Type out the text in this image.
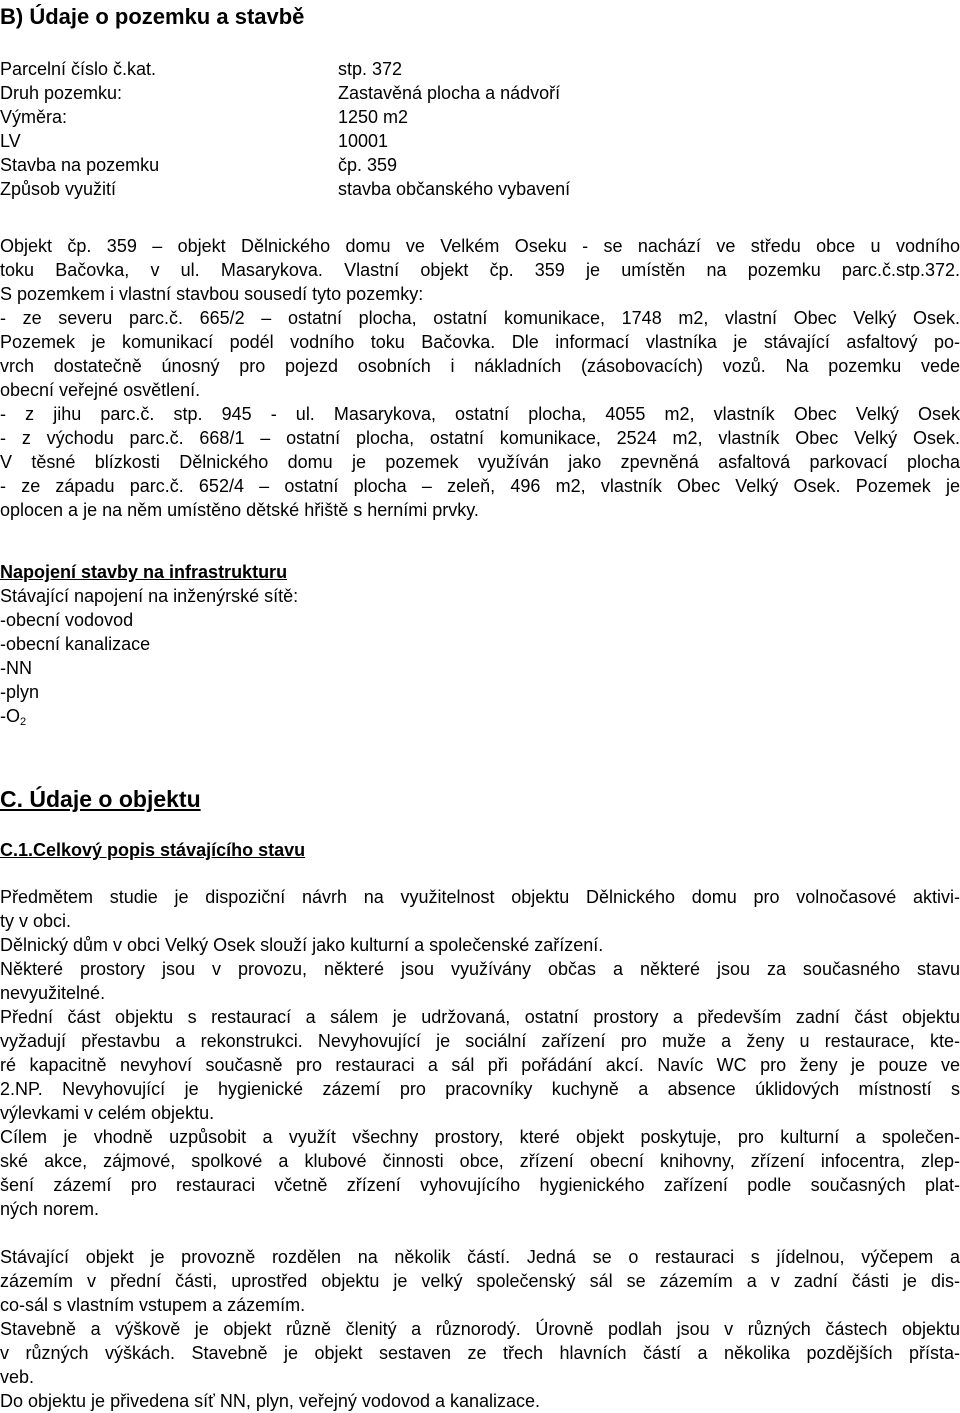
B) Údaje o pozemku a stavbě
Parcelní číslo č.kat.	stp. 372
Druh pozemku:	Zastavěná plocha a nádvoří
Výměra:	1250 m2
LV	10001
Stavba na pozemku	čp. 359
Způsob využití	stavba občanského vybavení
Objekt čp. 359 – objekt Dělnického domu ve Velkém Oseku - se nachází ve středu obce u vodního
toku Bačovka, v ul. Masarykova. Vlastní objekt čp. 359 je umístěn na pozemku parc.č.stp.372.
S pozemkem i vlastní stavbou sousedí tyto pozemky:
- ze severu parc.č. 665/2 – ostatní plocha, ostatní komunikace, 1748 m2, vlastní Obec Velký Osek.
Pozemek je komunikací podél vodního toku Bačovka. Dle informací vlastníka je stávající asfaltový po-
vrch dostatečně únosný pro pojezd osobních i nákladních (zásobovacích) vozů. Na pozemku vede
obecní veřejné osvětlení.
- z jihu parc.č. stp. 945 - ul. Masarykova, ostatní plocha, 4055 m2, vlastník Obec Velký Osek
- z východu parc.č. 668/1 – ostatní plocha, ostatní komunikace, 2524 m2, vlastník Obec Velký Osek.
V těsné blízkosti Dělnického domu je pozemek využíván jako zpevněná asfaltová parkovací plocha
- ze západu parc.č. 652/4 – ostatní plocha – zeleň, 496 m2, vlastník Obec Velký Osek. Pozemek je
oplocen a je na něm umístěno dětské hřiště s herními prvky.
Napojení stavby na infrastrukturu
Stávající napojení na inženýrské sítě:
-obecní vodovod
-obecní kanalizace
-NN
-plyn
$-O_2$
C. Údaje o objektu
C.1.Celkový popis stávajícího stavu
Předmětem studie je dispoziční návrh na využitelnost objektu Dělnického domu pro volnočasové aktivi-
ty v obci.
Dělnický dům v obci Velký Osek slouží jako kulturní a společenské zařízení.
Některé prostory jsou v provozu, některé jsou využívány občas a některé jsou za současného stavu
nevyužitelné.
Přední část objektu s restaurací a sálem je udržovaná, ostatní prostory a především zadní část objektu
vyžadují přestavbu a rekonstrukci. Nevyhovující je sociální zařízení pro muže a ženy u restaurace, kte-
ré kapacitně nevyhoví současně pro restauraci a sál při pořádání akcí. Navíc WC pro ženy je pouze ve
2.NP. Nevyhovující je hygienické zázemí pro pracovníky kuchyně a absence úklidových místností s
výlevkami v celém objektu.
Cílem je vhodně uzpůsobit a využít všechny prostory, které objekt poskytuje, pro kulturní a společen-
ské akce, zájmové, spolkové a klubové činnosti obce, zřízení obecní knihovny, zřízení infocentra, zlep-
šení zázemí pro restauraci včetně zřízení vyhovujícího hygienického zařízení podle současných plat-
ných norem.
Stávající objekt je provozně rozdělen na několik částí. Jedná se o restauraci s jídelnou, výčepem a
zázemím v přední části, uprostřed objektu je velký společenský sál se zázemím a v zadní části je dis-
co-sál s vlastním vstupem a zázemím.
Stavebně a výškově je objekt různě členitý a různorodý. Úrovně podlah jsou v různých částech objektu
v různých výškách. Stavebně je objekt sestaven ze třech hlavních částí a několika pozdějších přísta-
veb.
Do objektu je přivedena síť NN, plyn, veřejný vodovod a kanalizace.
